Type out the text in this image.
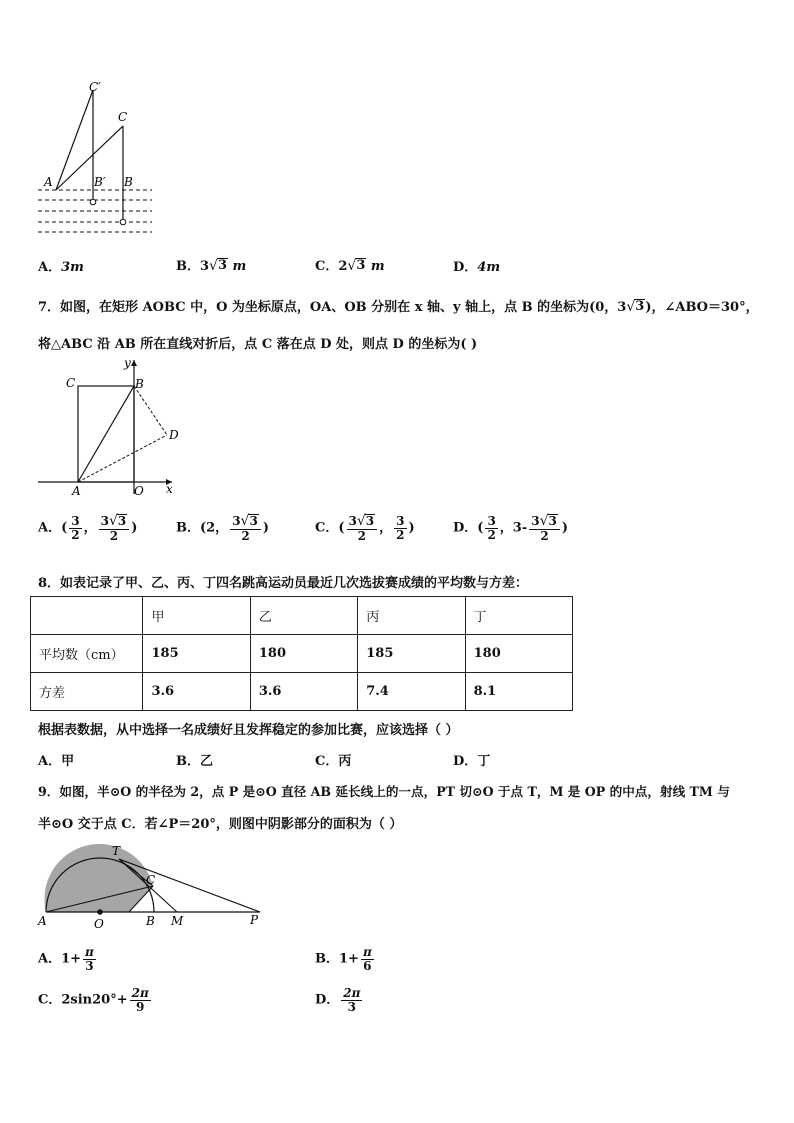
C′
C
A	B′ B
A．3m	B．3 √ 3 m	C．2 √ 3 m	D．4m
7．如图，在矩形 AOBC 中，O 为坐标原点，OA、OB 分别在 x 轴、y 轴上，点 B 的坐标为(0，3 √ 3 )，∠ABO＝30°，
将△ABC 沿 AB 所在直线对折后，点 C 落在点 D 处，则点 D 的坐标为( )
y
C	B
D
A	O x
A．( $\frac{3}{2}$ ， $\frac{3 √ 3}{2}$ )	B．(2， $\frac{3 √ 3}{2}$ )	C．( $\frac{3 √ 3}{2}$ ， $\frac{3}{2}$ )	D．( $\frac{3}{2}$ ，$3- \frac{3 √ 3}{2}$ )
8．如表记录了甲、乙、丙、丁四名跳高运动员最近几次选拔赛成绩的平均数与方差：
	甲	乙	丙	丁
平均数（cm）	185	180	185	180
方差	3.6	3.6	7.4	8.1
根据表数据，从中选择一名成绩好且发挥稳定的参加比赛，应该选择（ ）
A．甲	B．乙	C．丙	D．丁
9．如图，半⊙O 的半径为 2，点 P 是⊙O 直径 AB 延长线上的一点，PT 切⊙O 于点 T，M 是 OP 的中点，射线 TM 与
半⊙O 交于点 C．若∠P＝20°，则图中阴影部分的面积为（ ）
T
C
A	O	B M	P
A．$1+ \frac{\pi}{3}$	B．$1+ \frac{\pi}{6}$
C．$2\sin 20^\circ+ \frac{2\pi}{9}$	D． $\frac{2\pi}{3}$
